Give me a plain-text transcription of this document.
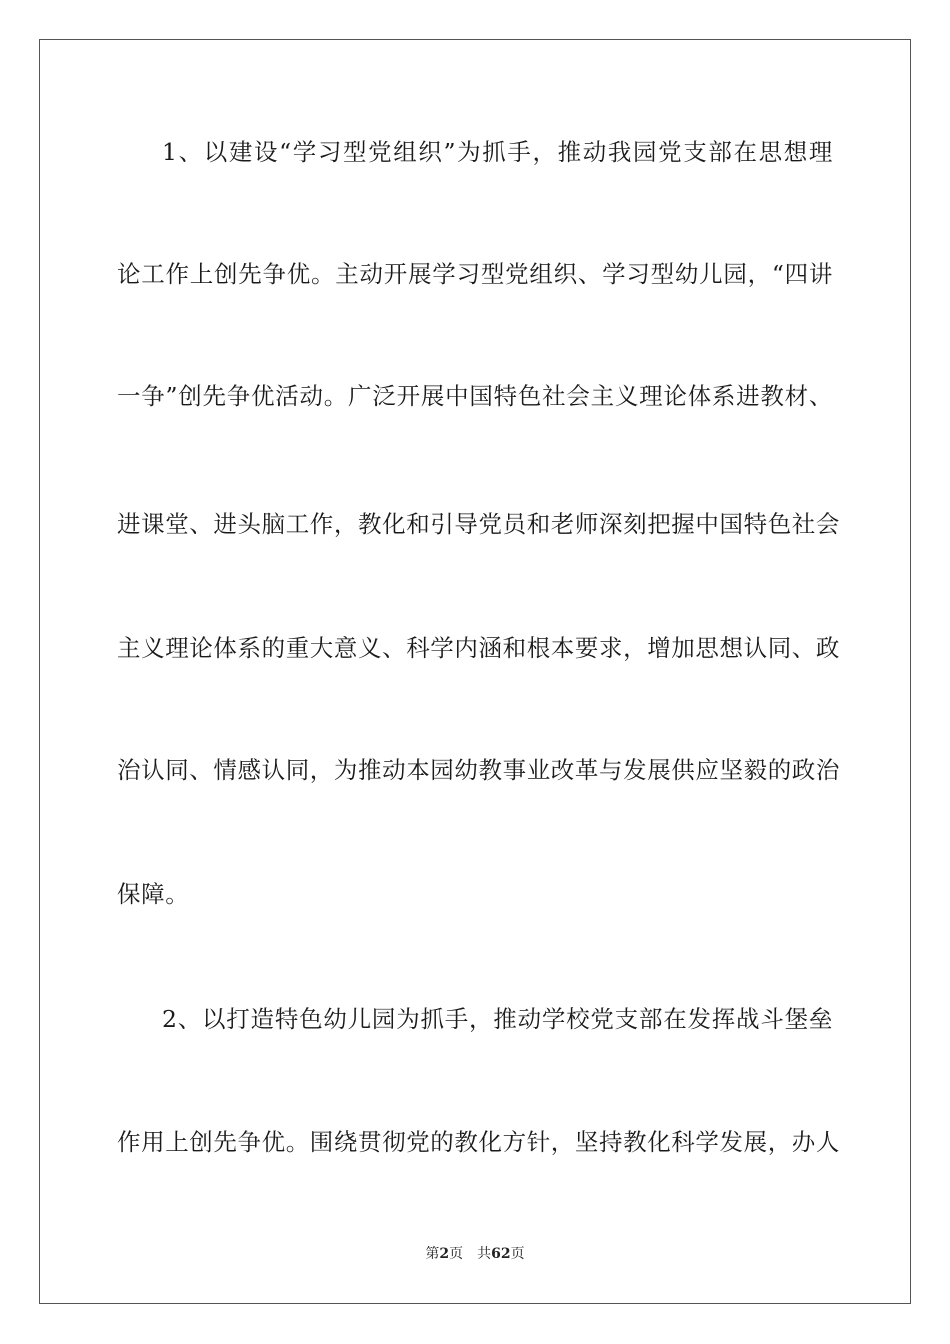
1、以建设“学习型党组织”为抓手，推动我园党支部在思想理
论工作上创先争优。主动开展学习型党组织、学习型幼儿园，“四讲
一争”创先争优活动。广泛开展中国特色社会主义理论体系进教材、
进课堂、进头脑工作，教化和引导党员和老师深刻把握中国特色社会
主义理论体系的重大意义、科学内涵和根本要求，增加思想认同、政
治认同、情感认同，为推动本园幼教事业改革与发展供应坚毅的政治
保障。
2、以打造特色幼儿园为抓手，推动学校党支部在发挥战斗堡垒
作用上创先争优。围绕贯彻党的教化方针，坚持教化科学发展，办人
第2页 共62页
